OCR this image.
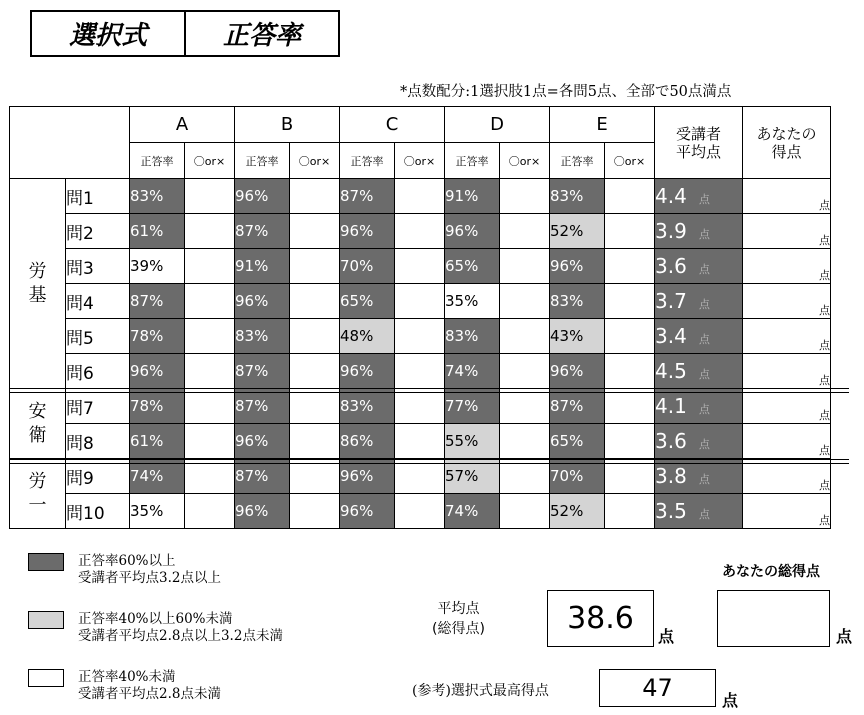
選択式	正答率
*点数配分:1選択肢1点=各問5点、全部で50点満点
		A		B		C		D		E		受講者
平均点	あなたの
得点
		正答率	〇or×	正答率	〇or×	正答率	〇or×	正答率	〇or×	正答率	〇or×		
労
基	問1	83%		96%		87%		91%		83%		4.4 点	点
	問2	61%		87%		96%		96%		52%		3.9 点	点
	問3	39%		91%		70%		65%		96%		3.6 点	点
	問4	87%		96%		65%		35%		83%		3.7 点	点
	問5	78%		83%		48%		83%		43%		3.4 点	点
	問6	96%		87%		96%		74%		96%		4.5 点	点
安
衛	問7	78%		87%		83%		77%		87%		4.1 点	点
	問8	61%		96%		86%		55%		65%		3.6 点	点
労
一	問9	74%		87%		96%		57%		70%		3.8 点	点
	問10	35%		96%		96%		74%		52%		3.5 点	点
正答率60%以上
受講者平均点3.2点以上
正答率40%以上60%未満
受講者平均点2.8点以上3.2点未満
正答率40%未満
受講者平均点2.8点未満
平均点
(総得点)	38.6
点
あなたの総得点
点
(参考)選択式最高得点	47	点
